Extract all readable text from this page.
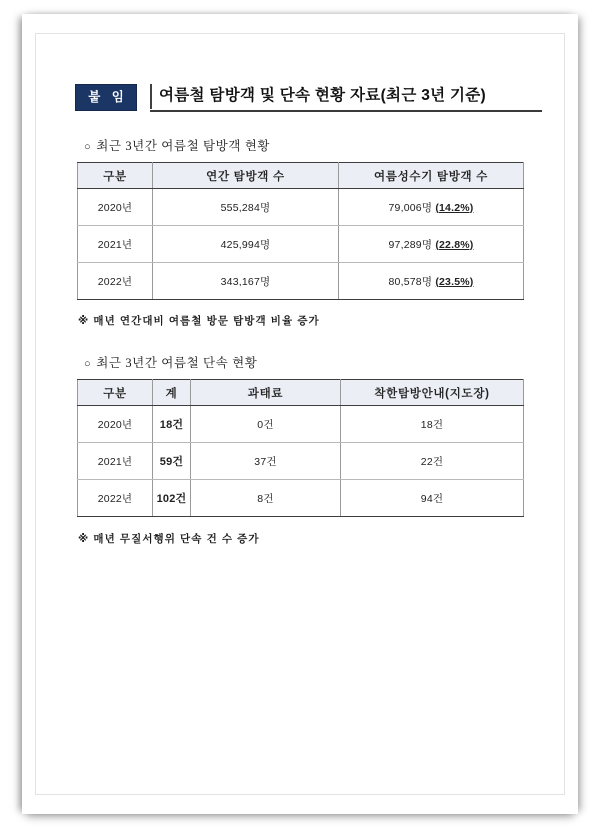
붙 임	여름철 탐방객 및 단속 현황 자료(최근 3년 기준)
○ 최근 3년간 여름철 탐방객 현황
구분	연간 탐방객 수	여름성수기 탐방객 수
2020년	555,284명	79,006명 (14.2%)
2021년	425,994명	97,289명 (22.8%)
2022년	343,167명	80,578명 (23.5%)
※ 매년 연간대비 여름철 방문 탐방객 비율 증가
○ 최근 3년간 여름철 단속 현황
구분	계	과태료	착한탐방안내(지도장)
2020년	18건	0건	18건
2021년	59건	37건	22건
2022년	102건	8건	94건
※ 매년 무질서행위 단속 건 수 증가
